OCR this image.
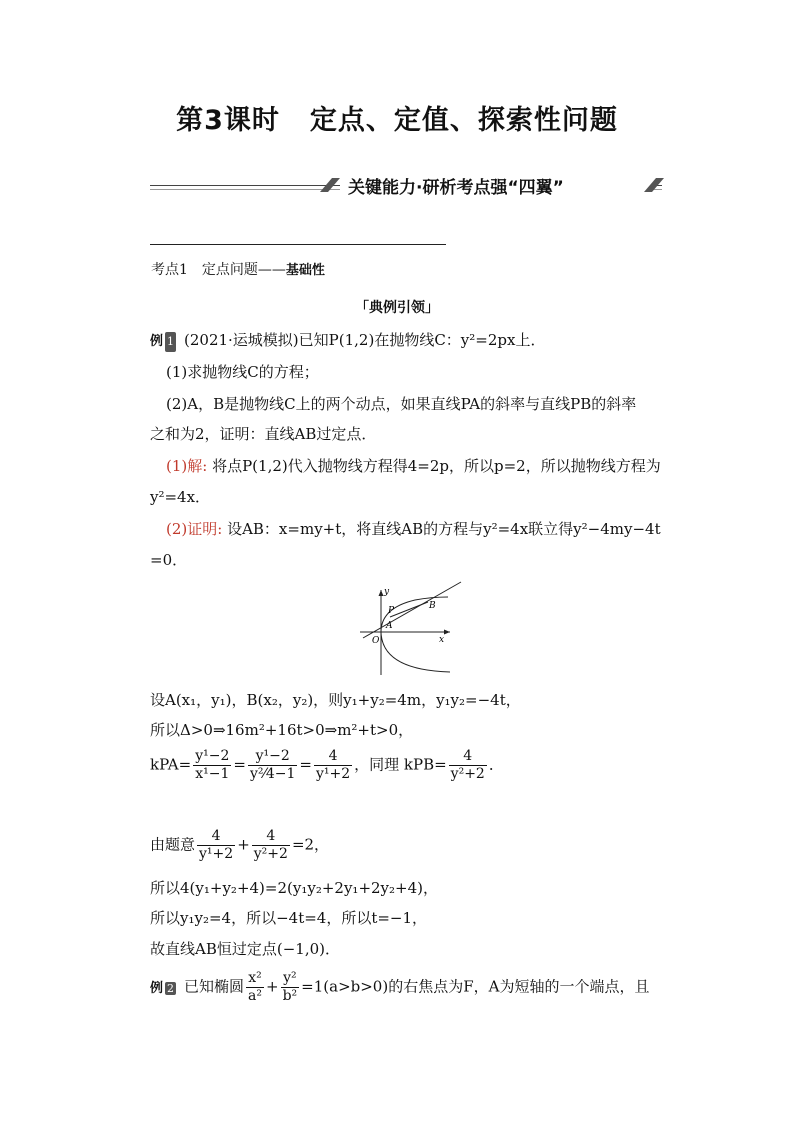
第3课时 定点、定值、探索性问题
关键能力·研析考点强“四翼”
考点1　定点问题——基础性
「典例引领」
例 1 (2021·运城模拟)已知P(1,2)在抛物线C：y²=2px上．
(1)求抛物线C的方程；
(2)A，B是抛物线C上的两个动点，如果直线PA的斜率与直线PB的斜率
之和为2，证明：直线AB过定点．
(1)解: 将点P(1,2)代入抛物线方程得4=2p，所以p=2，所以抛物线方程为
y²=4x．
(2)证明: 设AB：x=my+t，将直线AB的方程与y²=4x联立得y²−4my−4t
=0．
y
x
O
P
A
B
设A(x₁，y₁)，B(x₂，y₂)，则y₁+y₂=4m，y₁y₂=−4t，
所以Δ>0⇒16m²+16t>0⇒m²+t>0，
$kPA= \frac{\text{y¹−2}}{\text{x¹−1}} = \frac{\text{y¹−2}}{\text{y²⁄4−1}} = \frac{4}{\text{y¹+2}}$ ，同理 $kPB= \frac{4}{\text{y²+2}}$ ．
由题意 $\frac{4}{\text{y¹+2}} + \frac{4}{\text{y²+2}} =2$，
所以4(y₁+y₂+4)=2(y₁y₂+2y₁+2y₂+4)，
所以y₁y₂=4，所以−4t=4，所以t=−1，
故直线AB恒过定点(−1,0)．
例 2 已知椭圆 $\frac{\text{x²}}{\text{a²}} + \frac{\text{y²}}{\text{b²}} =1(a>b>0)$的右焦点为F，A为短轴的一个端点，且
